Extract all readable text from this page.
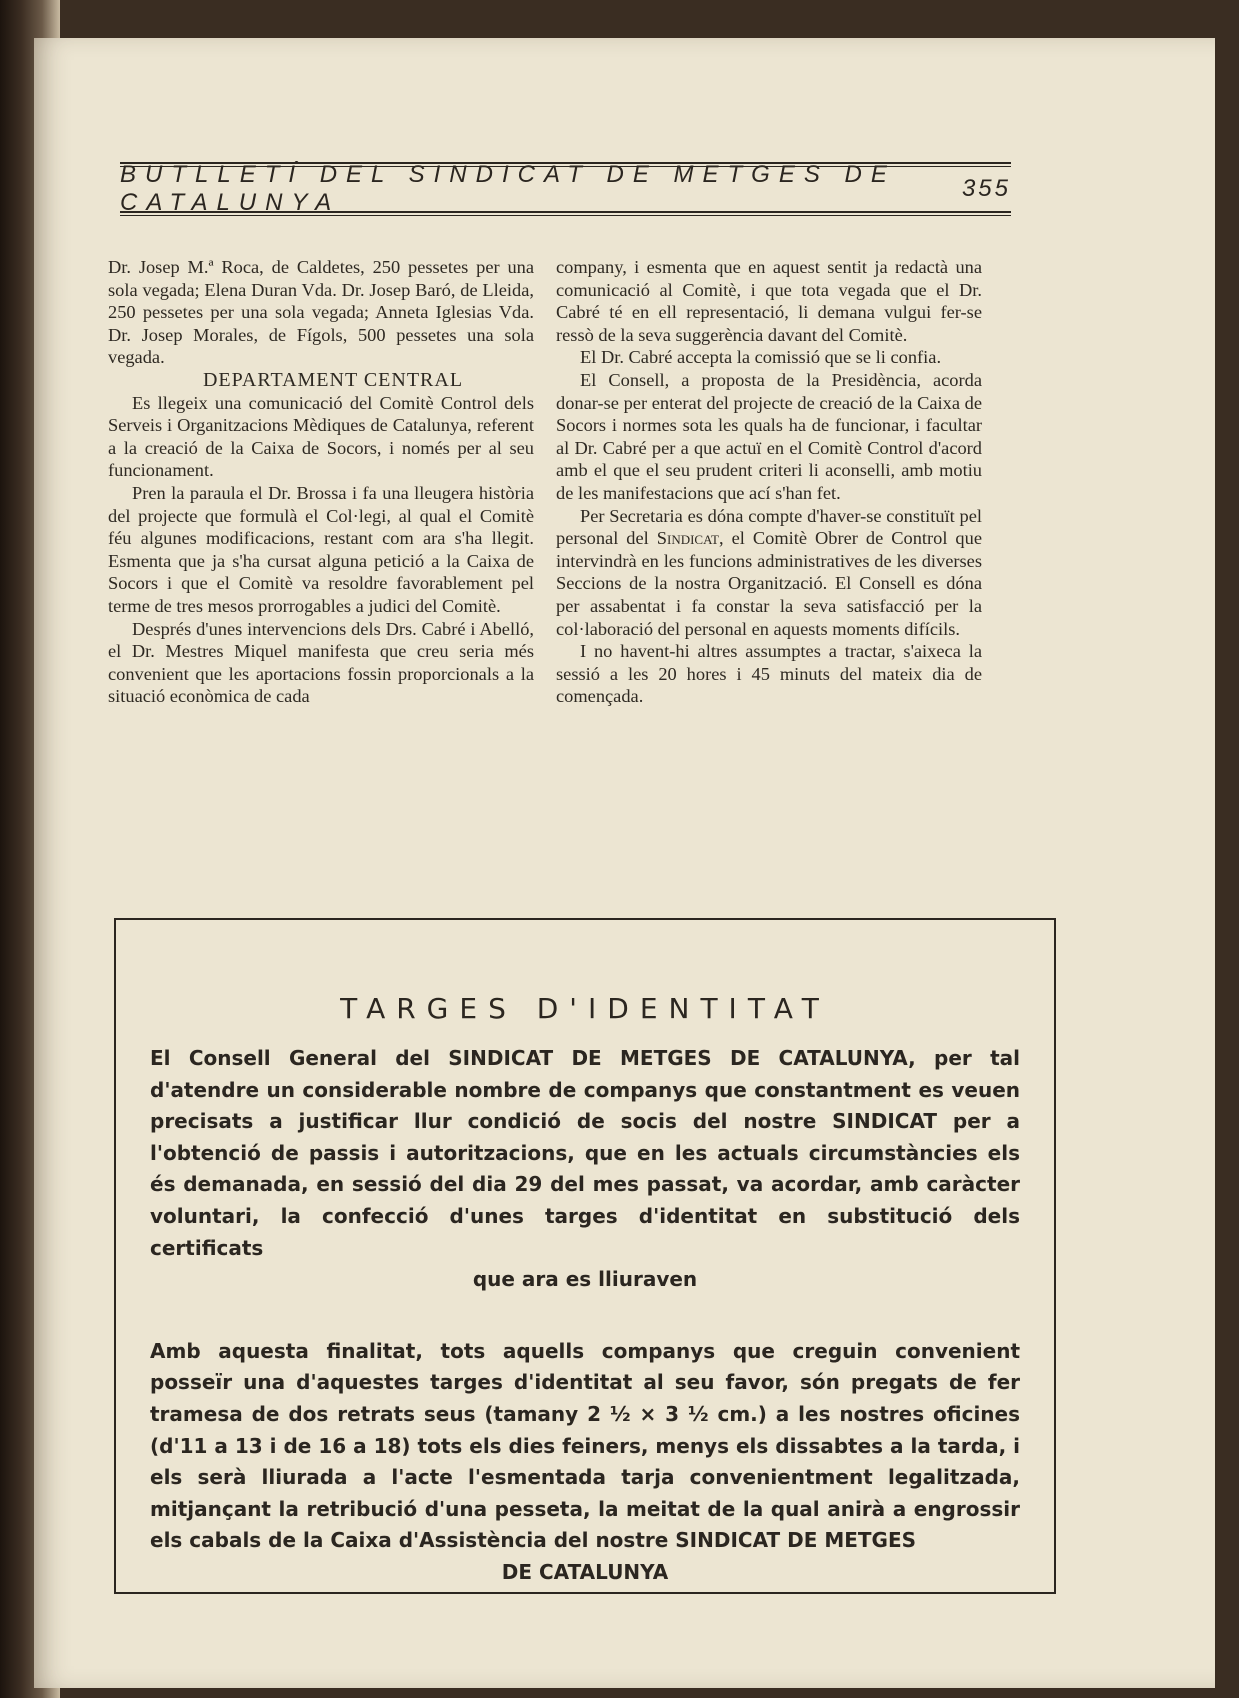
BUTLLETÍ DEL SINDICAT DE METGES DE CATALUNYA
355

Dr. Josep M.ª Roca, de Caldetes, 250 pessetes per una sola vegada; Elena Duran Vda. Dr. Josep Baró, de Lleida, 250 pessetes per una sola vegada; Anneta Iglesias Vda. Dr. Josep Morales, de Fígols, 500 pessetes una sola vegada.

DEPARTAMENT CENTRAL

Es llegeix una comunicació del Comitè Control dels Serveis i Organitzacions Mèdiques de Catalunya, referent a la creació de la Caixa de Socors, i només per al seu funcionament.

Pren la paraula el Dr. Brossa i fa una lleugera història del projecte que formulà el Col·legi, al qual el Comitè féu algunes modificacions, restant com ara s'ha llegit. Esmenta que ja s'ha cursat alguna petició a la Caixa de Socors i que el Comitè va resoldre favorablement pel terme de tres mesos prorrogables a judici del Comitè.

Després d'unes intervencions dels Drs. Cabré i Abelló, el Dr. Mestres Miquel manifesta que creu seria més convenient que les aportacions fossin proporcionals a la situació econòmica de cada

company, i esmenta que en aquest sentit ja redactà una comunicació al Comitè, i que tota vegada que el Dr. Cabré té en ell representació, li demana vulgui fer-se ressò de la seva suggerència davant del Comitè.

El Dr. Cabré accepta la comissió que se li confia.

El Consell, a proposta de la Presidència, acorda donar-se per enterat del projecte de creació de la Caixa de Socors i normes sota les quals ha de funcionar, i facultar al Dr. Cabré per a que actuï en el Comitè Control d'acord amb el que el seu prudent criteri li aconselli, amb motiu de les manifestacions que ací s'han fet.

Per Secretaria es dóna compte d'haver-se constituït pel personal del Sindicat, el Comitè Obrer de Control que intervindrà en les funcions administratives de les diverses Seccions de la nostra Organització. El Consell es dóna per assabentat i fa constar la seva satisfacció per la col·laboració del personal en aquests moments difícils.

I no havent-hi altres assumptes a tractar, s'aixeca la sessió a les 20 hores i 45 minuts del mateix dia de començada.

TARGES D'IDENTITAT

El Consell General del SINDICAT DE METGES DE CATALUNYA, per tal d'atendre un considerable nombre de companys que constantment es veuen precisats a justificar llur condició de socis del nostre SINDICAT per a l'obtenció de passis i autoritzacions, que en les actuals circumstàncies els és demanada, en sessió del dia 29 del mes passat, va acordar, amb caràcter voluntari, la confecció d'unes targes d'identitat en substitució dels certificats
que ara es lliuraven

Amb aquesta finalitat, tots aquells companys que creguin convenient posseïr una d'aquestes targes d'identitat al seu favor, són pregats de fer tramesa de dos retrats seus (tamany 2 ½ × 3 ½ cm.) a les nostres oficines (d'11 a 13 i de 16 a 18) tots els dies feiners, menys els dissabtes a la tarda, i els serà lliurada a l'acte l'esmentada tarja convenientment legalitzada, mitjançant la retribució d'una pesseta, la meitat de la qual anirà a engrossir els cabals de la Caixa d'Assistència del nostre SINDICAT DE METGES
DE CATALUNYA
